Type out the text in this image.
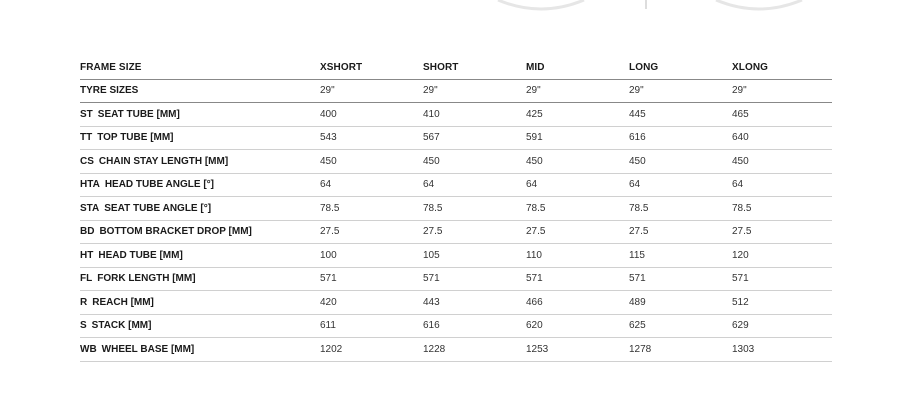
FRAME SIZE	XSHORT	SHORT	MID	LONG	XLONG
TYRE SIZES	29"	29"	29"	29"	29"
ST SEAT TUBE [MM]	400	410	425	445	465
TT TOP TUBE [MM]	543	567	591	616	640
CS CHAIN STAY LENGTH [MM]	450	450	450	450	450
HTA HEAD TUBE ANGLE [°]	64	64	64	64	64
STA SEAT TUBE ANGLE [°]	78.5	78.5	78.5	78.5	78.5
BD BOTTOM BRACKET DROP [MM]	27.5	27.5	27.5	27.5	27.5
HT HEAD TUBE [MM]	100	105	110	115	120
FL FORK LENGTH [MM]	571	571	571	571	571
R REACH [MM]	420	443	466	489	512
S STACK [MM]	611	616	620	625	629
WB WHEEL BASE [MM]	1202	1228	1253	1278	1303
